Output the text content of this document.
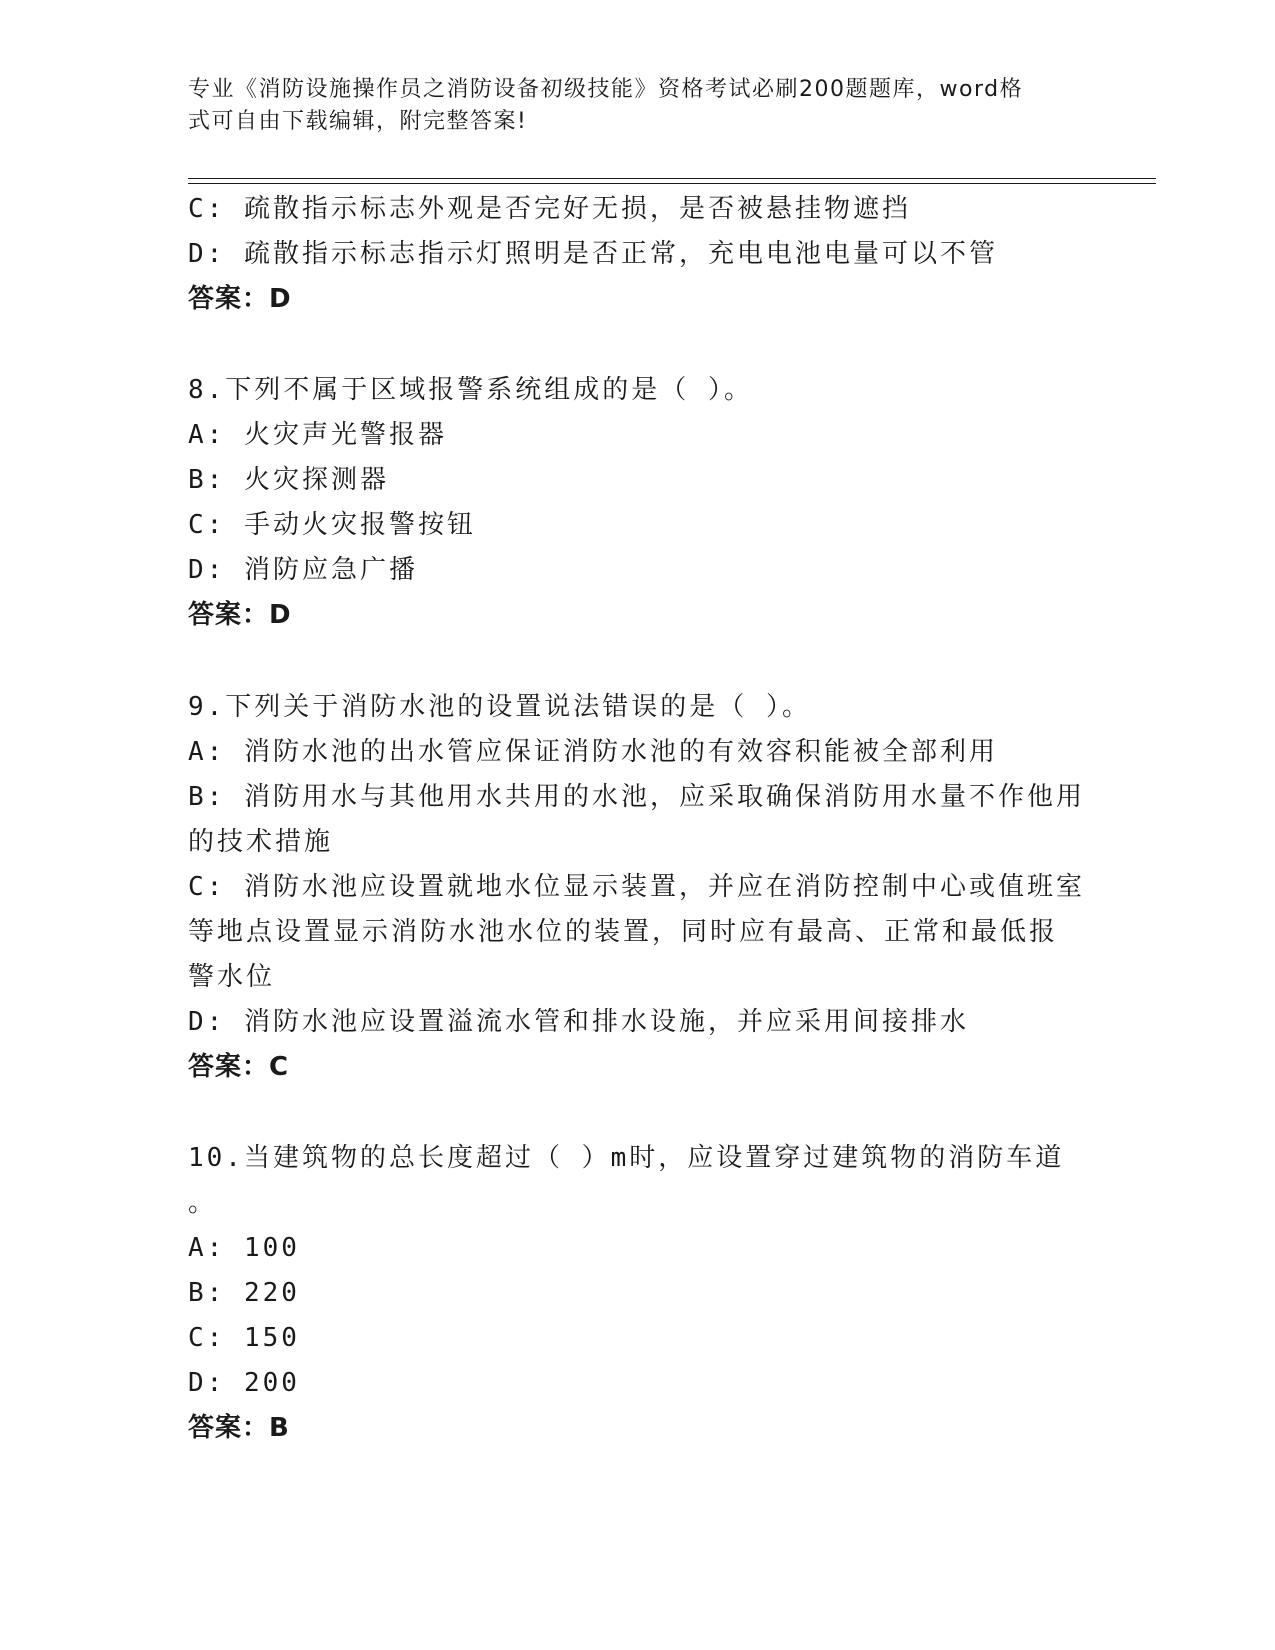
专业《消防设施操作员之消防设备初级技能》资格考试必刷200题题库，word格
式可自由下载编辑，附完整答案!
C: 疏散指示标志外观是否完好无损，是否被悬挂物遮挡
D: 疏散指示标志指示灯照明是否正常，充电电池电量可以不管
答案：D
8.下列不属于区域报警系统组成的是（ ）。
A: 火灾声光警报器
B: 火灾探测器
C: 手动火灾报警按钮
D: 消防应急广播
答案：D
9.下列关于消防水池的设置说法错误的是（ ）。
A: 消防水池的出水管应保证消防水池的有效容积能被全部利用
B: 消防用水与其他用水共用的水池，应采取确保消防用水量不作他用
的技术措施
C: 消防水池应设置就地水位显示装置，并应在消防控制中心或值班室
等地点设置显示消防水池水位的装置，同时应有最高、正常和最低报
警水位
D: 消防水池应设置溢流水管和排水设施，并应采用间接排水
答案：C
10.当建筑物的总长度超过（ ）m时，应设置穿过建筑物的消防车道
。
A: 100
B: 220
C: 150
D: 200
答案：B
